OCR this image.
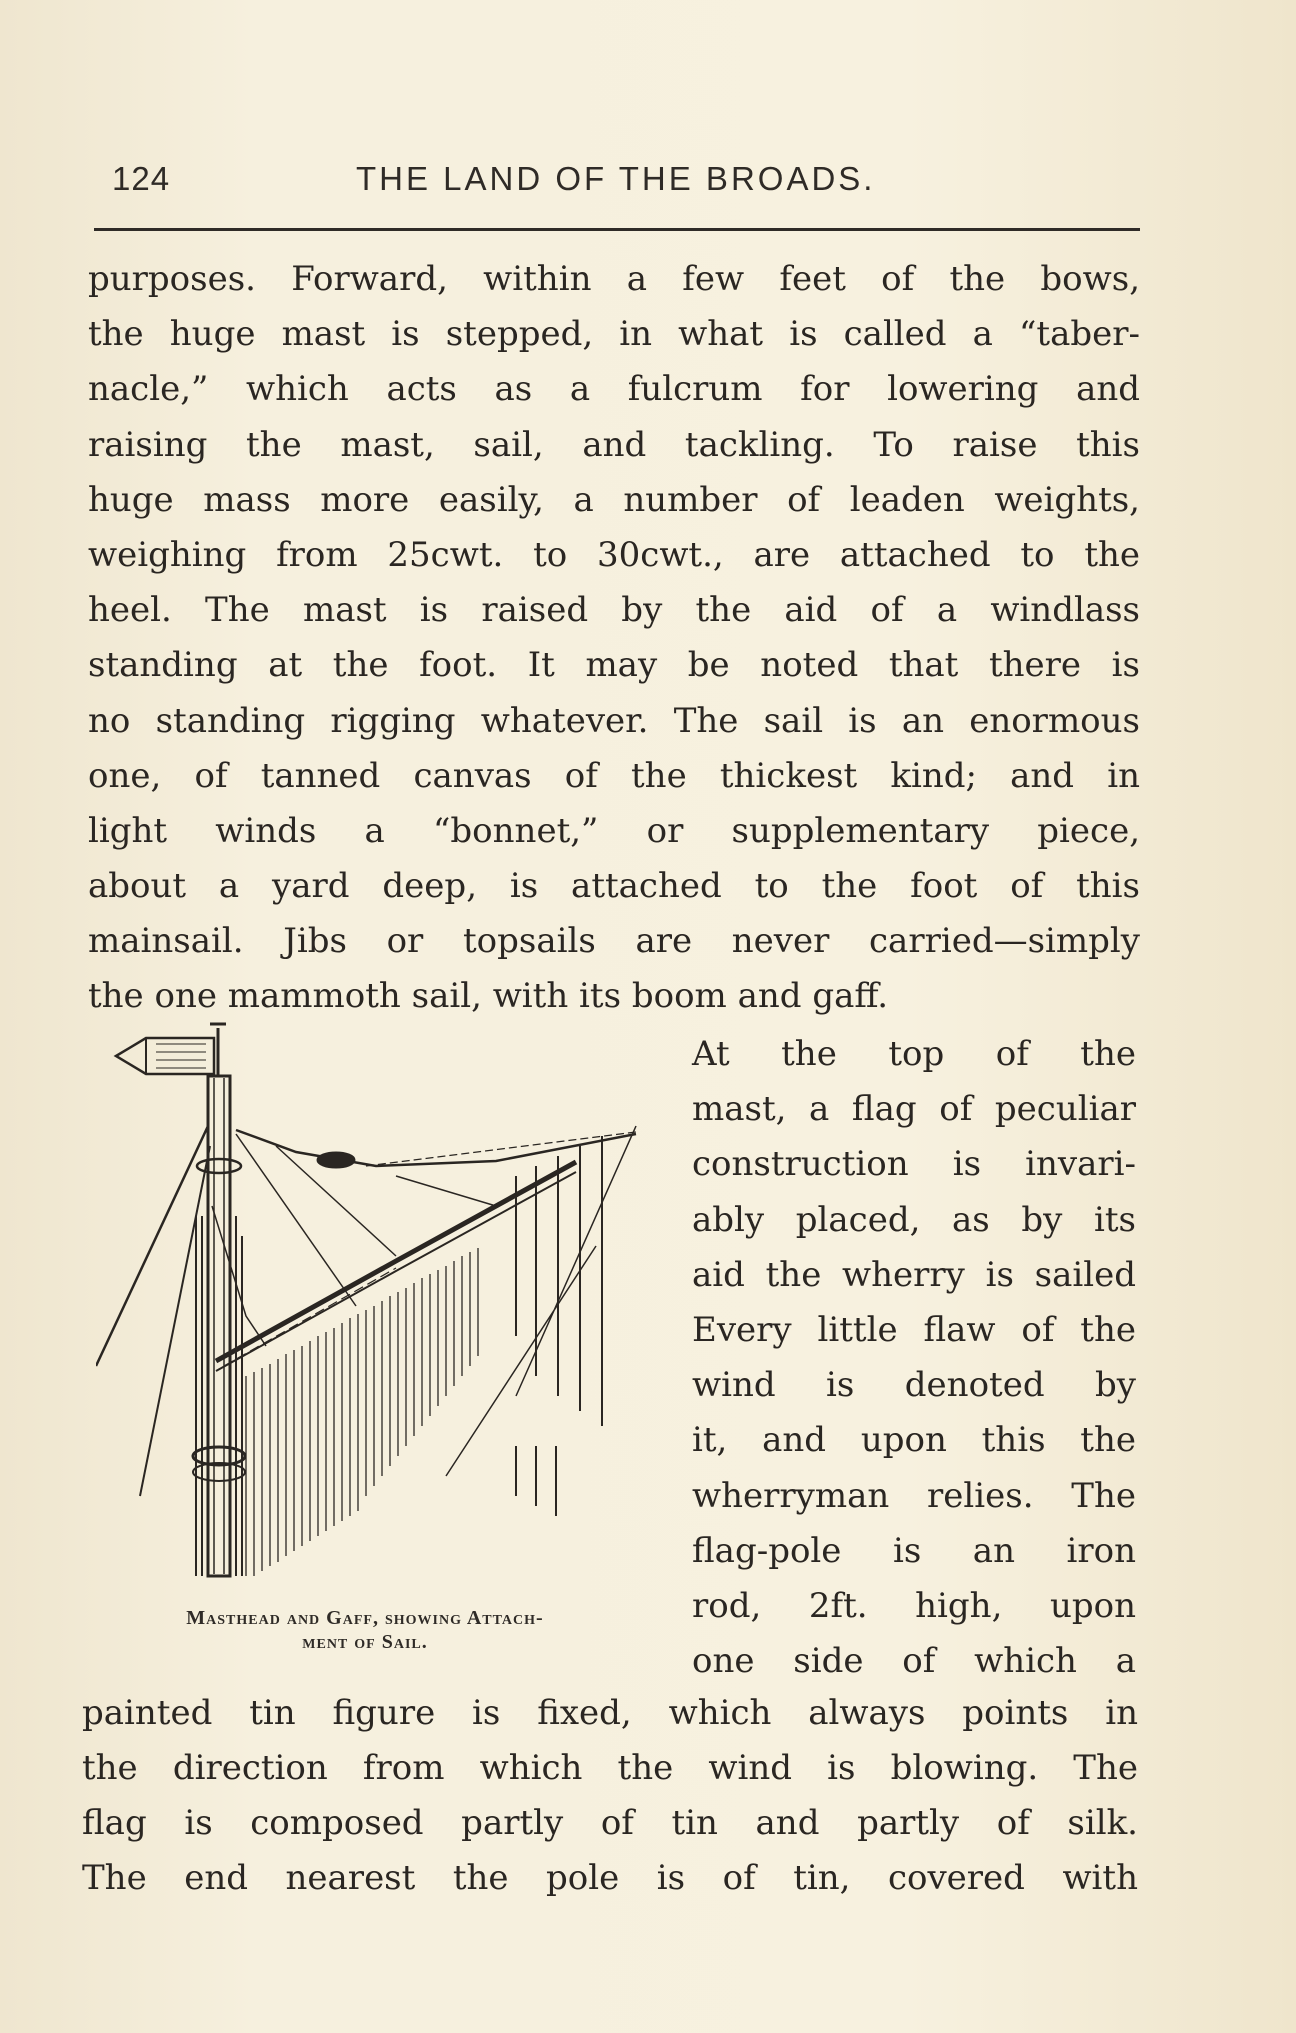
124	THE LAND OF THE BROADS.
purposes. Forward, within a few feet of the bows,
the huge mast is stepped, in what is called a “taber-
nacle,” which acts as a fulcrum for lowering and
raising the mast, sail, and tackling. To raise this
huge mass more easily, a number of leaden weights,
weighing from 25cwt. to 30cwt., are attached to the
heel. The mast is raised by the aid of a windlass
standing at the foot. It may be noted that there is
no standing rigging whatever. The sail is an enormous
one, of tanned canvas of the thickest kind; and in
light winds a “bonnet,” or supplementary piece,
about a yard deep, is attached to the foot of this
mainsail. Jibs or topsails are never carried—simply
the one mammoth sail, with its boom and gaff.
Masthead and Gaff, showing Attach-
ment of Sail.
At the top of the
mast, a flag of peculiar
construction is invari-
ably placed, as by its
aid the wherry is sailed
Every little flaw of the
wind is denoted by
it, and upon this the
wherryman relies. The
flag-pole is an iron
rod, 2ft. high, upon
one side of which a
painted tin figure is fixed, which always points in
the direction from which the wind is blowing. The
flag is composed partly of tin and partly of silk.
The end nearest the pole is of tin, covered with
